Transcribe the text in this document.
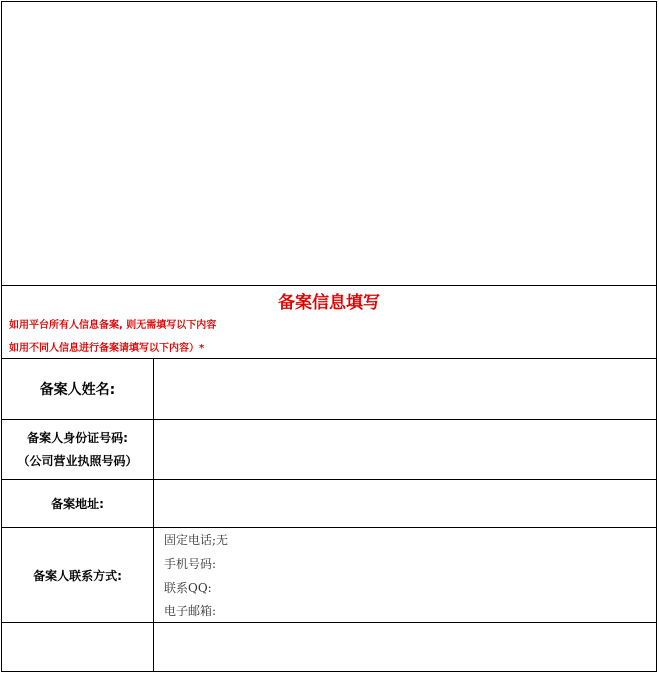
备案信息填写
如用平台所有人信息备案, 则无需填写以下内容
如用不同人信息进行备案请填写以下内容）*
备案人姓名:
备案人身份证号码:
（公司营业执照号码）
备案地址:
备案人联系方式:
固定电话;无
手机号码:
联系QQ:
电子邮箱:
